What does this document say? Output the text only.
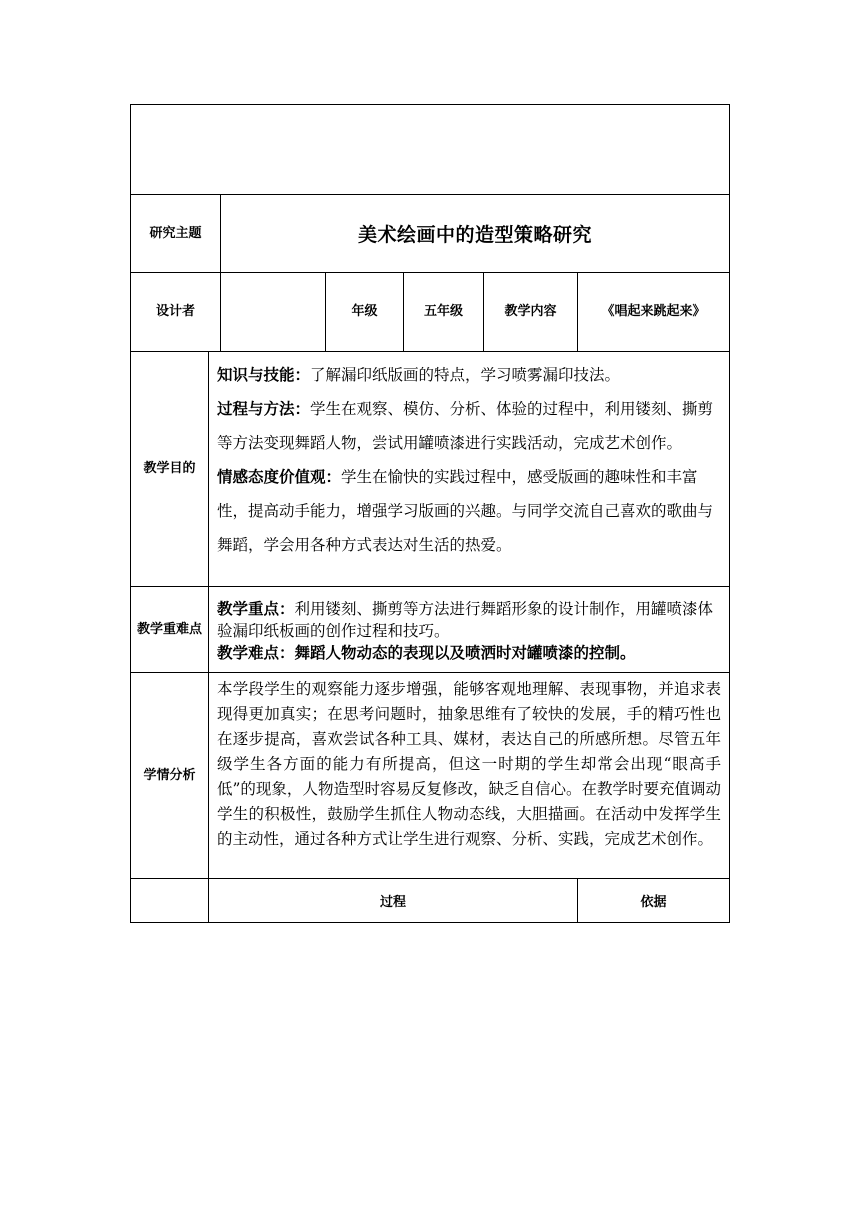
研究主题		美术绘画中的造型策略研究				
设计者			年级	五年级	教学内容	《唱起来跳起来》
教学目的	知识与技能：了解漏印纸版画的特点，学习喷雾漏印技法。

过程与方法：学生在观察、模仿、分析、体验的过程中，利用镂刻、撕剪等方法变现舞蹈人物，尝试用罐喷漆进行实践活动，完成艺术创作。

情感态度价值观：学生在愉快的实践过程中，感受版画的趣味性和丰富性，提高动手能力，增强学习版画的兴趣。与同学交流自己喜欢的歌曲与舞蹈，学会用各种方式表达对生活的热爱。					

教学重难点	教学重点：利用镂刻、撕剪等方法进行舞蹈形象的设计制作，用罐喷漆体验漏印纸板画的创作过程和技巧。

教学难点：舞蹈人物动态的表现以及喷洒时对罐喷漆的控制。					

学情分析	本学段学生的观察能力逐步增强，能够客观地理解、表现事物，并追求表现得更加真实；在思考问题时，抽象思维有了较快的发展，手的精巧性也在逐步提高，喜欢尝试各种工具、媒材，表达自己的所感所想。尽管五年级学生各方面的能力有所提高，但这一时期的学生却常会出现“眼高手低”的现象，人物造型时容易反复修改，缺乏自信心。在教学时要充值调动学生的积极性，鼓励学生抓住人物动态线，大胆描画。在活动中发挥学生的主动性，通过各种方式让学生进行观察、分析、实践，完成艺术创作。					
	过程					依据
